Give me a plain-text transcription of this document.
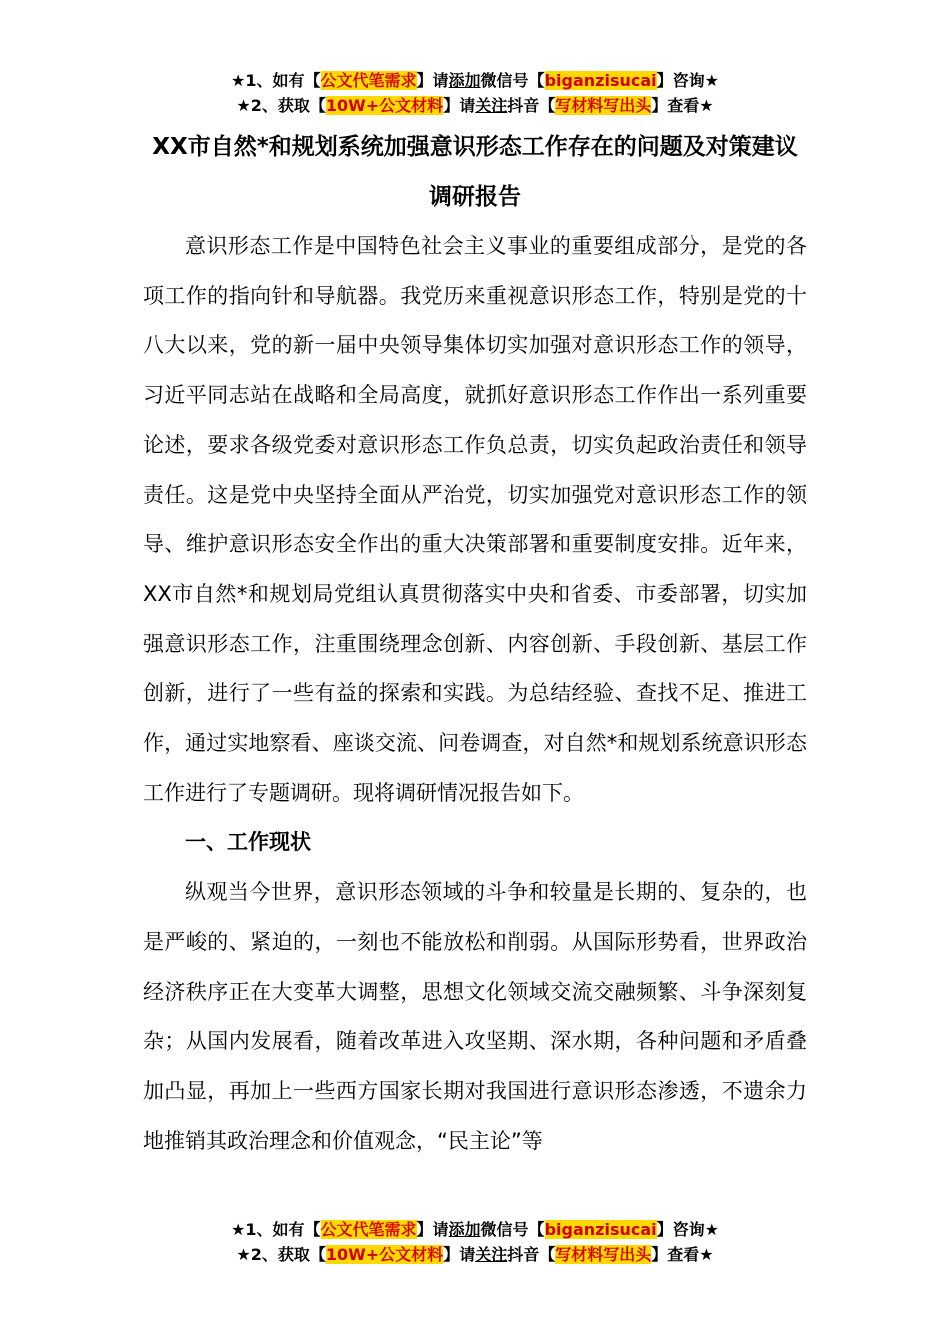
★1、如有【公文代笔需求】请添加微信号【biganzisucai】咨询★
★2、获取【10W+公文材料】请关注抖音【写材料写出头】查看★
XX市自然*和规划系统加强意识形态工作存在的问题及对策建议调研报告

意识形态工作是中国特色社会主义事业的重要组成部分，是党的各项工作的指向针和导航器。我党历来重视意识形态工作，特别是党的十八大以来，党的新一届中央领导集体切实加强对意识形态工作的领导，习近平同志站在战略和全局高度，就抓好意识形态工作作出一系列重要论述，要求各级党委对意识形态工作负总责，切实负起政治责任和领导责任。这是党中央坚持全面从严治党，切实加强党对意识形态工作的领导、维护意识形态安全作出的重大决策部署和重要制度安排。近年来，XX市自然*和规划局党组认真贯彻落实中央和省委、市委部署，切实加强意识形态工作，注重围绕理念创新、内容创新、手段创新、基层工作创新，进行了一些有益的探索和实践。为总结经验、查找不足、推进工作，通过实地察看、座谈交流、问卷调查，对自然*和规划系统意识形态工作进行了专题调研。现将调研情况报告如下。

一、工作现状

纵观当今世界，意识形态领域的斗争和较量是长期的、复杂的，也是严峻的、紧迫的，一刻也不能放松和削弱。从国际形势看，世界政治经济秩序正在大变革大调整，思想文化领域交流交融频繁、斗争深刻复杂；从国内发展看，随着改革进入攻坚期、深水期，各种问题和矛盾叠加凸显，再加上一些西方国家长期对我国进行意识形态渗透，不遗余力地推销其政治理念和价值观念，“民主论”等

★1、如有【公文代笔需求】请添加微信号【biganzisucai】咨询★
★2、获取【10W+公文材料】请关注抖音【写材料写出头】查看★
